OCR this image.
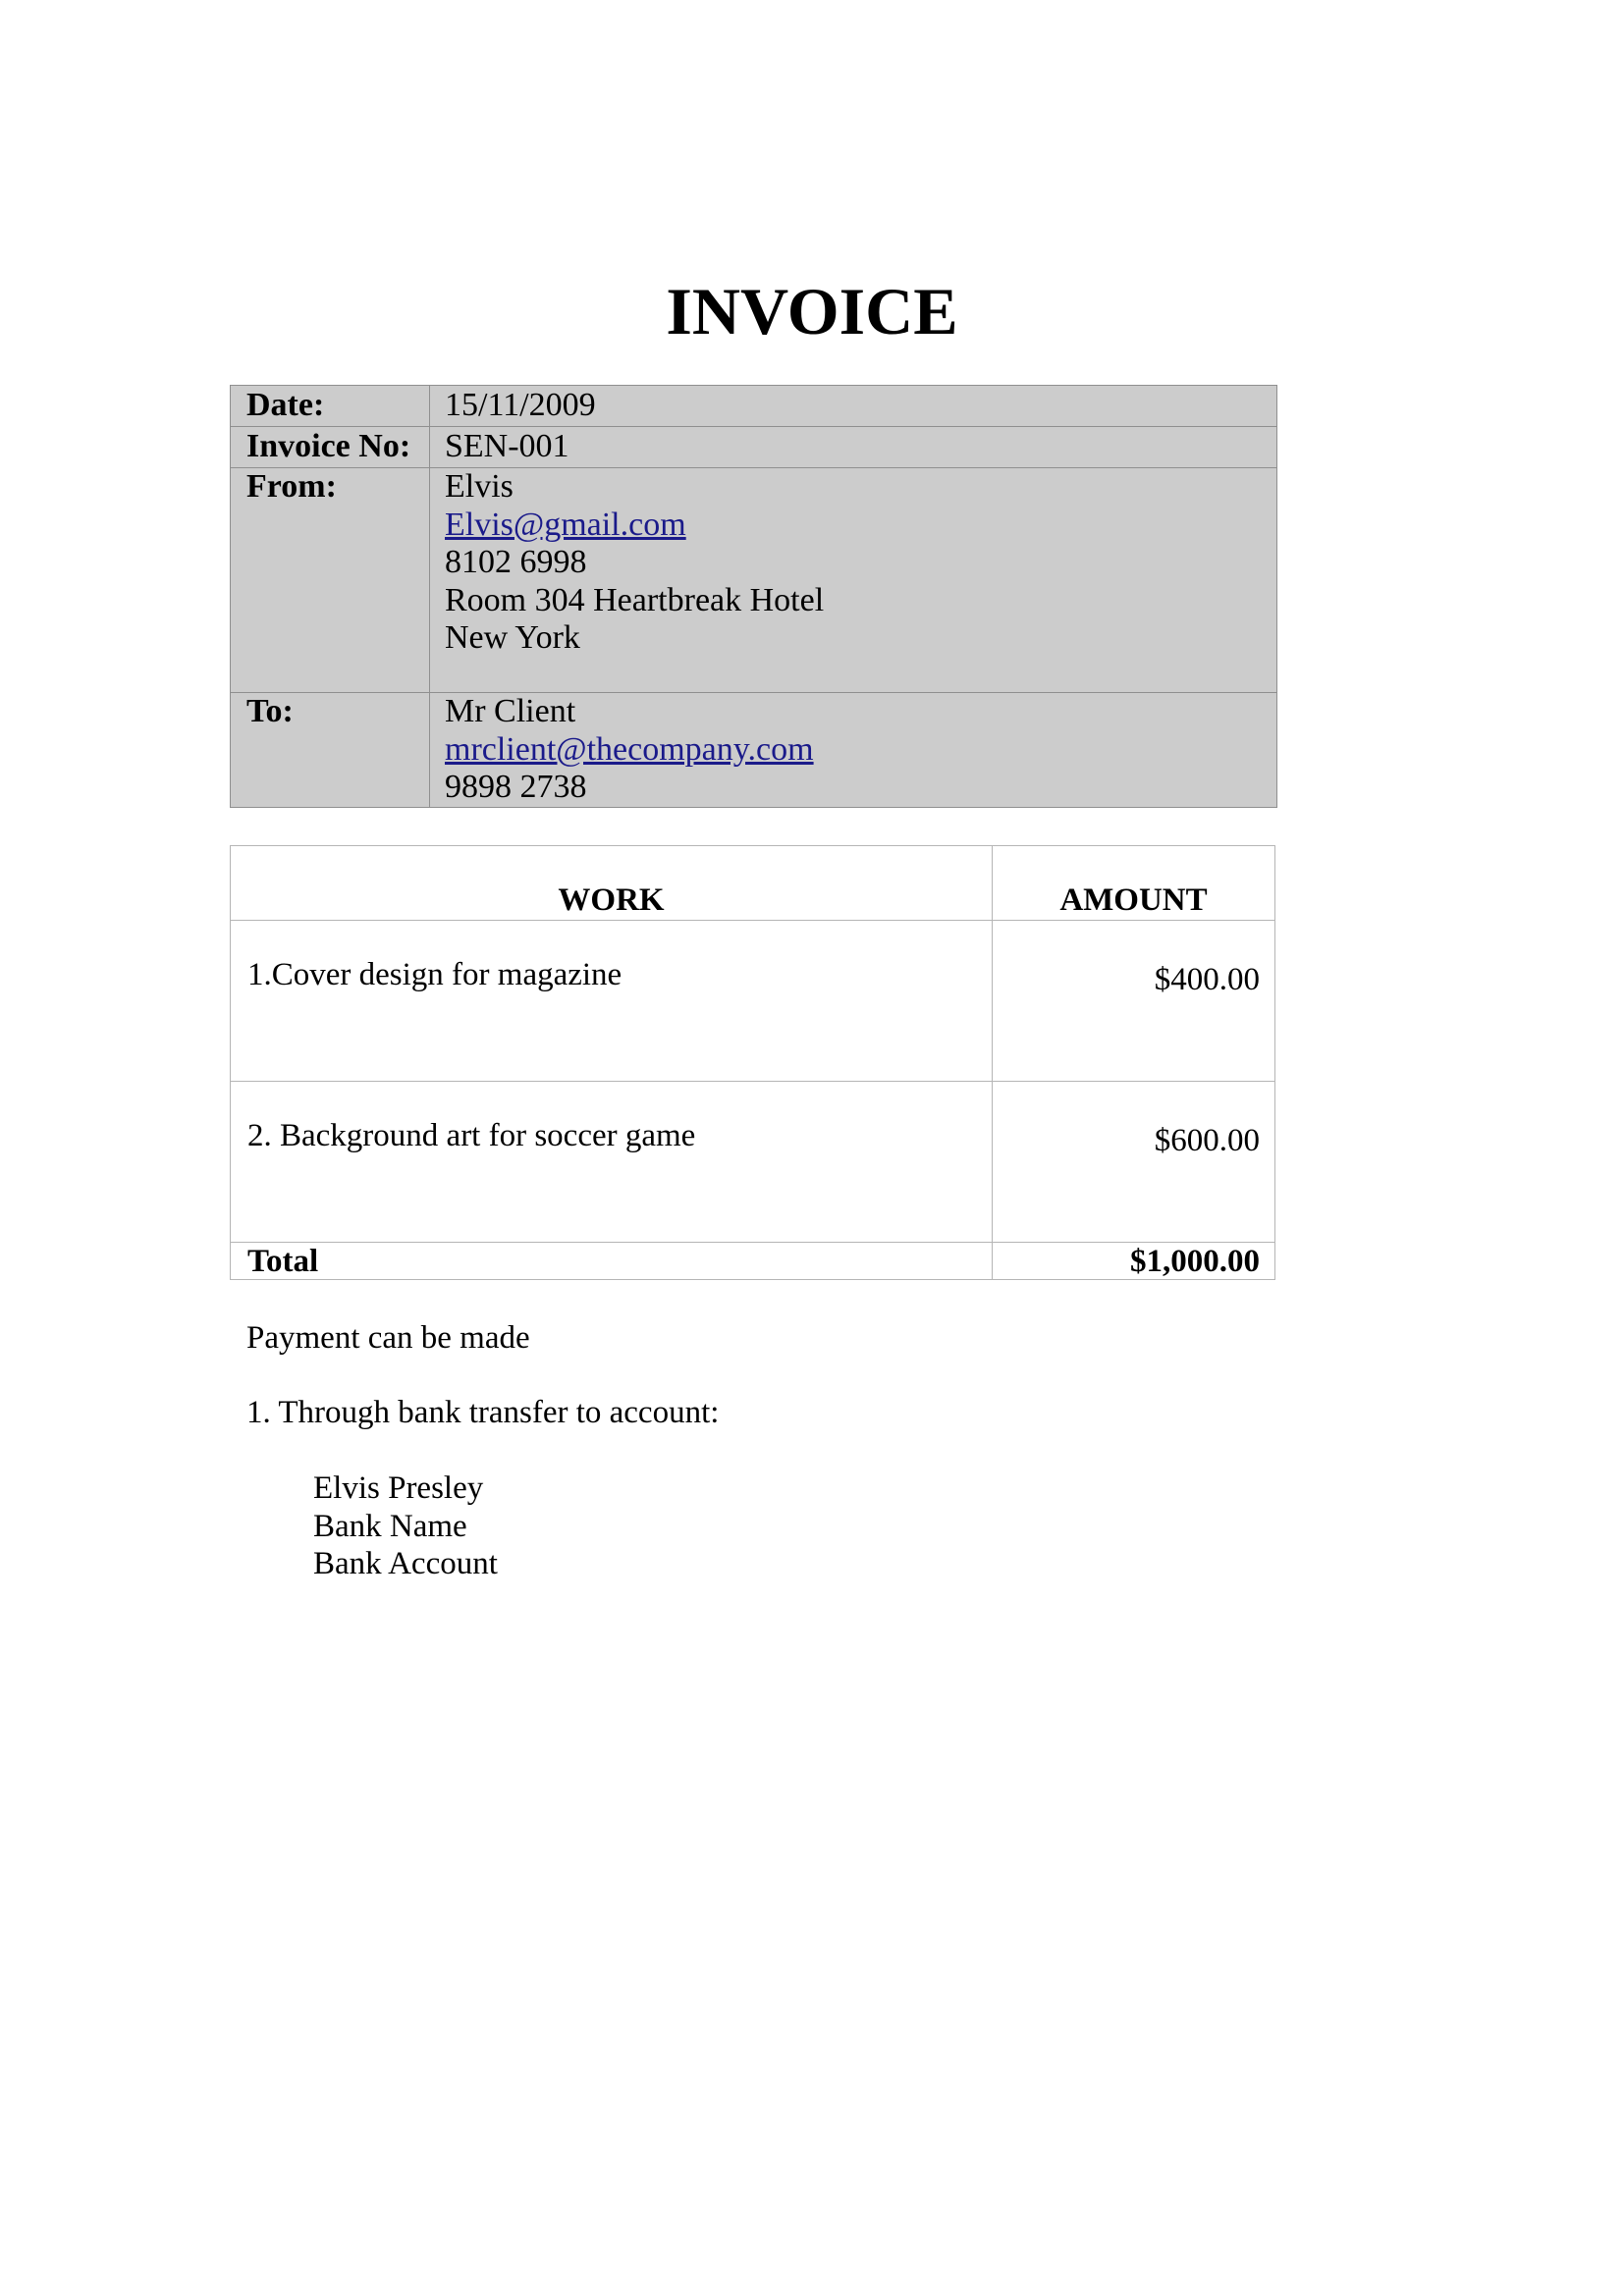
INVOICE
Date:	15/11/2009

Invoice No:	SEN-001

From:	Elvis
Elvis@gmail.com
8102 6998
Room 304 Heartbreak Hotel
New York

To:	Mr Client
mrclient@thecompany.com
9898 2738
WORK	AMOUNT

1.Cover design for magazine	$400.00
2. Background art for soccer game	$600.00
Total	$1,000.00
Payment can be made
1. Through bank transfer to account:
Elvis Presley
Bank Name
Bank Account
